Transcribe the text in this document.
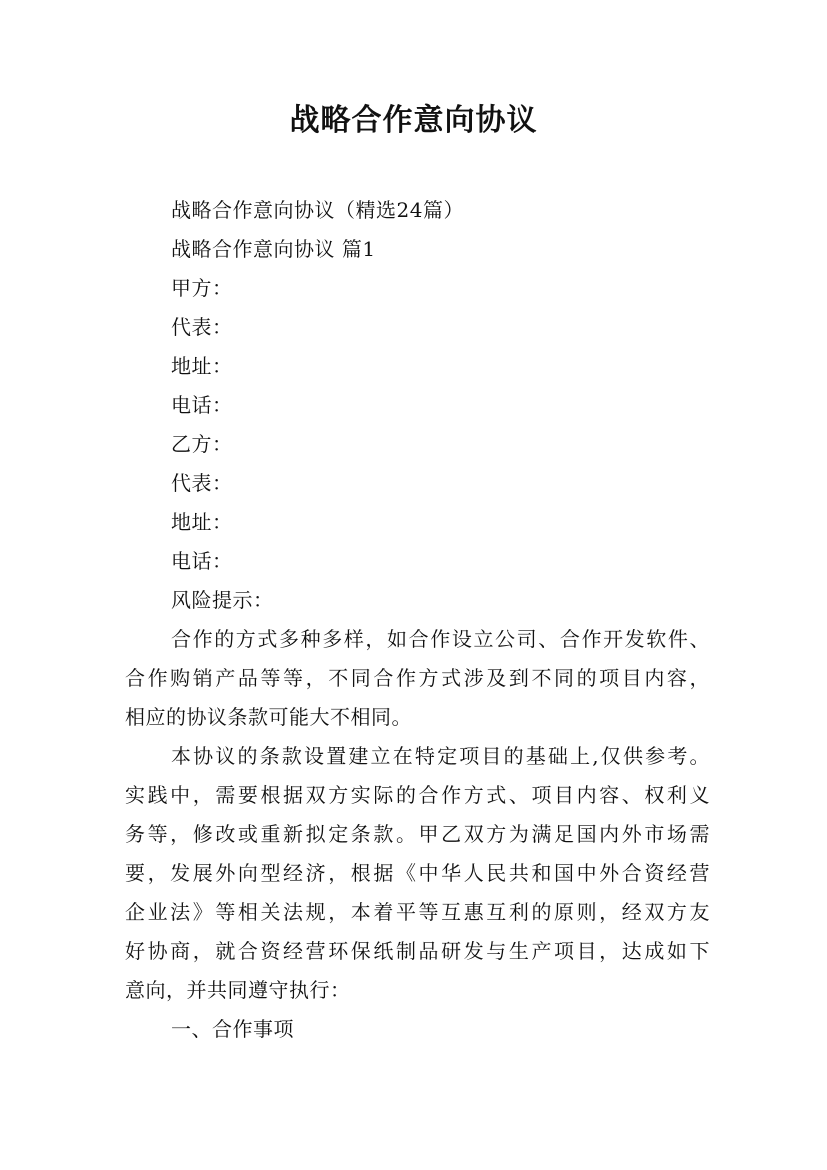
战略合作意向协议
战略合作意向协议（精选24篇）
战略合作意向协议 篇1
甲方：
代表：
地址：
电话：
乙方：
代表：
地址：
电话：
风险提示：
合作的方式多种多样，如合作设立公司、合作开发软件、
合作购销产品等等，不同合作方式涉及到不同的项目内容，
相应的协议条款可能大不相同。
本协议的条款设置建立在特定项目的基础上,仅供参考。
实践中，需要根据双方实际的合作方式、项目内容、权利义
务等，修改或重新拟定条款。甲乙双方为满足国内外市场需
要，发展外向型经济，根据《中华人民共和国中外合资经营
企业法》等相关法规，本着平等互惠互利的原则，经双方友
好协商，就合资经营环保纸制品研发与生产项目，达成如下
意向，并共同遵守执行：
一、合作事项
